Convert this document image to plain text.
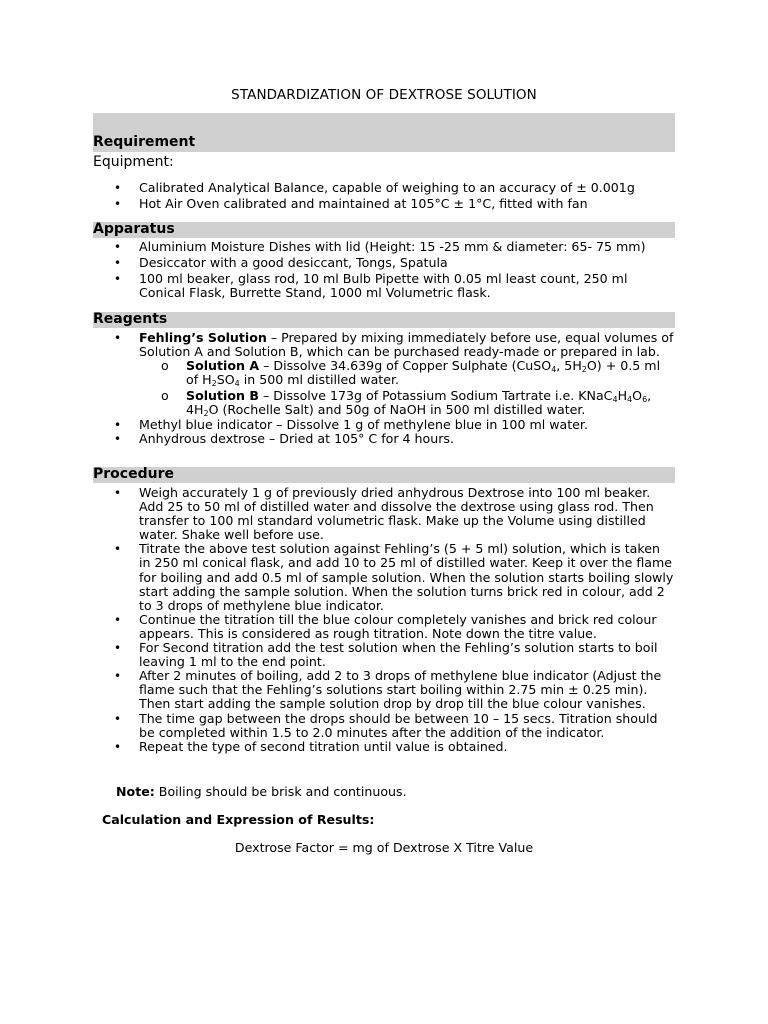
STANDARDIZATION OF DEXTROSE SOLUTION
Requirement
Equipment:
• Calibrated Analytical Balance, capable of weighing to an accuracy of ± 0.001g
• Hot Air Oven calibrated and maintained at 105°C ± 1°C, fitted with fan
Apparatus
• Aluminium Moisture Dishes with lid (Height: 15 -25 mm & diameter: 65- 75 mm)
• Desiccator with a good desiccant, Tongs, Spatula
• 100 ml beaker, glass rod, 10 ml Bulb Pipette with 0.05 ml least count, 250 ml Conical Flask, Burrette Stand, 1000 ml Volumetric flask.
Reagents
• Fehling’s Solution – Prepared by mixing immediately before use, equal volumes of Solution A and Solution B, which can be purchased ready-made or prepared in lab.
o Solution A – Dissolve 34.639g of Copper Sulphate (CuSO$_4$, $5H_2O) + 0.5$ ml of $H_2SO_4$ in 500 ml distilled water.
o Solution B – Dissolve 173g of Potassium Sodium Tartrate i.e. $KNaC_4H_4O_6$, $4H_2O$ (Rochelle Salt) and 50g of NaOH in 500 ml distilled water.
• Methyl blue indicator – Dissolve 1 g of methylene blue in 100 ml water.
• Anhydrous dextrose – Dried at 105° C for 4 hours.
Procedure
• Weigh accurately 1 g of previously dried anhydrous Dextrose into 100 ml beaker. Add 25 to 50 ml of distilled water and dissolve the dextrose using glass rod. Then transfer to 100 ml standard volumetric flask. Make up the Volume using distilled water. Shake well before use.
• Titrate the above test solution against Fehling’s (5 + 5 ml) solution, which is taken in 250 ml conical flask, and add 10 to 25 ml of distilled water. Keep it over the flame for boiling and add 0.5 ml of sample solution. When the solution starts boiling slowly start adding the sample solution. When the solution turns brick red in colour, add 2 to 3 drops of methylene blue indicator.
• Continue the titration till the blue colour completely vanishes and brick red colour appears. This is considered as rough titration. Note down the titre value.
• For Second titration add the test solution when the Fehling’s solution starts to boil leaving 1 ml to the end point.
• After 2 minutes of boiling, add 2 to 3 drops of methylene blue indicator (Adjust the flame such that the Fehling’s solutions start boiling within 2.75 min ± 0.25 min). Then start adding the sample solution drop by drop till the blue colour vanishes.
• The time gap between the drops should be between 10 – 15 secs. Titration should be completed within 1.5 to 2.0 minutes after the addition of the indicator.
• Repeat the type of second titration until value is obtained.
Note: Boiling should be brisk and continuous.
Calculation and Expression of Results:
Dextrose Factor = mg of Dextrose X Titre Value
